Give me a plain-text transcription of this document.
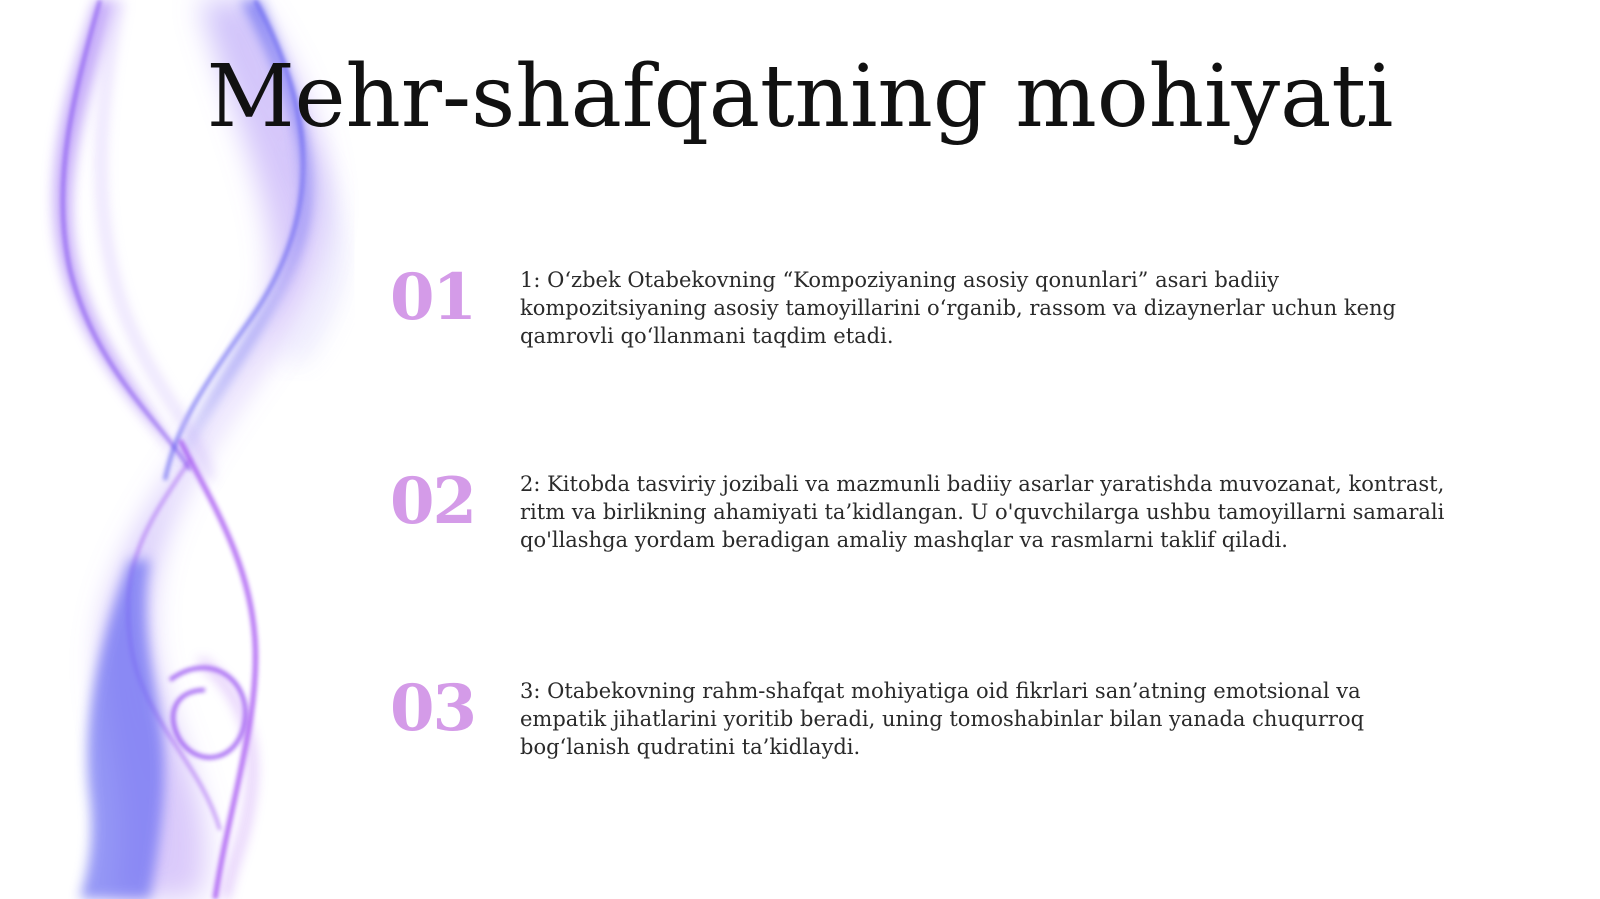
Mehr-shafqatning mohiyati
01	1: O‘zbek Otabekovning “Kompoziyaning asosiy qonunlari” asari badiiy kompozitsiyaning asosiy tamoyillarini o‘rganib, rassom va dizaynerlar uchun keng qamrovli qo‘llanmani taqdim etadi.
02	2: Kitobda tasviriy jozibali va mazmunli badiiy asarlar yaratishda muvozanat, kontrast, ritm va birlikning ahamiyati ta’kidlangan. U o'quvchilarga ushbu tamoyillarni samarali qo'llashga yordam beradigan amaliy mashqlar va rasmlarni taklif qiladi.
03	3: Otabekovning rahm-shafqat mohiyatiga oid fikrlari san’atning emotsional va empatik jihatlarini yoritib beradi, uning tomoshabinlar bilan yanada chuqurroq bog‘lanish qudratini ta’kidlaydi.
